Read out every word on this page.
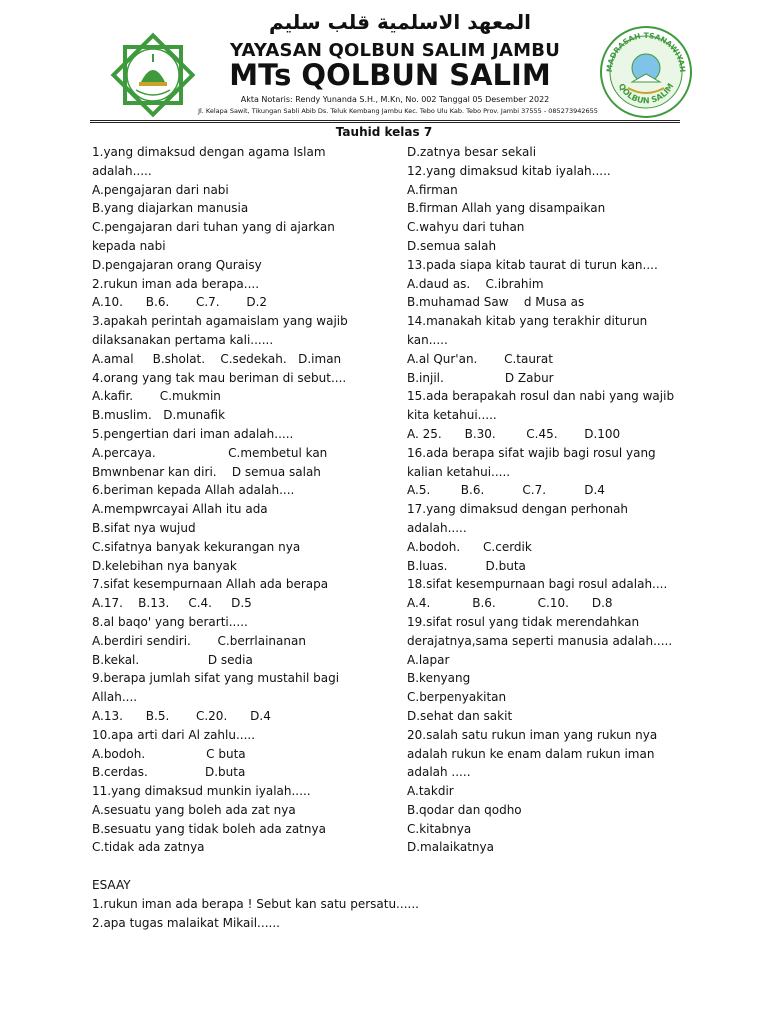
المعهد الاسلمية قلب سليم
YAYASAN QOLBUN SALIM JAMBU
MTs QOLBUN SALIM
Akta Notaris: Rendy Yunanda S.H., M.Kn, No. 002 Tanggal 05 Desember 2022
Jl. Kelapa Sawit, Tikungan Sabli Abib Ds. Teluk Kembang Jambu Kec. Tebo Ulu Kab. Tebo Prov. Jambi 37555 - 085273942655
MADRASAH TSANAWIYAH
QOLBUN SALIM
Tauhid kelas 7
1.yang dimaksud dengan agama Islam
adalah.....
A.pengajaran dari nabi
B.yang diajarkan manusia
C.pengajaran dari tuhan yang di ajarkan
kepada nabi
D.pengajaran orang Quraisy
2.rukun iman ada berapa....
A.10.      B.6.       C.7.       D.2
3.apakah perintah agamaislam yang wajib
dilaksanakan pertama kali......
A.amal     B.sholat.    C.sedekah.   D.iman
4.orang yang tak mau beriman di sebut....
A.kafir.       C.mukmin
B.muslim.   D.munafik
5.pengertian dari iman adalah.....
A.percaya.                   C.membetul kan
Bmwnbenar kan diri.    D semua salah
6.beriman kepada Allah adalah....
A.mempwrcayai Allah itu ada
B.sifat nya wujud
C.sifatnya banyak kekurangan nya
D.kelebihan nya banyak
7.sifat kesempurnaan Allah ada berapa
A.17.    B.13.     C.4.     D.5
8.al baqo' yang berarti.....
A.berdiri sendiri.       C.berrlainanan
B.kekal.                  D sedia
9.berapa jumlah sifat yang mustahil bagi
Allah....
A.13.      B.5.       C.20.      D.4
10.apa arti dari Al zahlu.....
A.bodoh.                C buta
B.cerdas.               D.buta
11.yang dimaksud munkin iyalah.....
A.sesuatu yang boleh ada zat nya
B.sesuatu yang tidak boleh ada zatnya
C.tidak ada zatnya
D.zatnya besar sekali
12.yang dimaksud kitab iyalah.....
A.firman
B.firman Allah yang disampaikan
C.wahyu dari tuhan
D.semua salah
13.pada siapa kitab taurat di turun kan....
A.daud as.    C.ibrahim
B.muhamad Saw    d Musa as
14.manakah kitab yang terakhir diturun
kan.....
A.al Qur'an.       C.taurat
B.injil.                D Zabur
15.ada berapakah rosul dan nabi yang wajib
kita ketahui.....
A. 25.      B.30.        C.45.       D.100
16.ada berapa sifat wajib bagi rosul yang
kalian ketahui.....
A.5.        B.6.          C.7.          D.4
17.yang dimaksud dengan perhonah
adalah.....
A.bodoh.      C.cerdik
B.luas.          D.buta
18.sifat kesempurnaan bagi rosul adalah....
A.4.           B.6.           C.10.      D.8
19.sifat rosul yang tidak merendahkan
derajatnya,sama seperti manusia adalah.....
A.lapar
B.kenyang
C.berpenyakitan
D.sehat dan sakit
20.salah satu rukun iman yang rukun nya
adalah rukun ke enam dalam rukun iman
adalah .....
A.takdir
B.qodar dan qodho
C.kitabnya
D.malaikatnya
ESAAY
1.rukun iman ada berapa ! Sebut kan satu persatu......
2.apa tugas malaikat Mikail......
